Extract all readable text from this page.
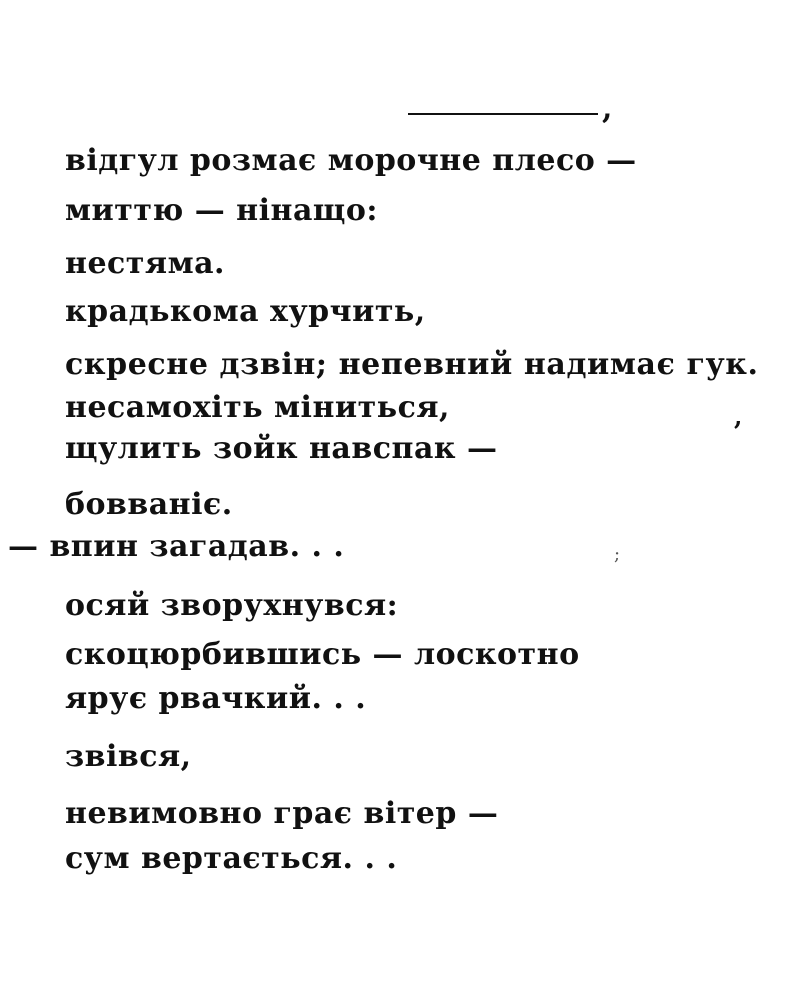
,
відгул розмає морочне плесо —
миттю — нінащо:
нестяма.
крадькома хурчить,
скресне дзвін; непевний надимає гук.
несамохіть міниться,	,
щулить зойк навспак —
бовваніє.
— впин загадав. . .	;
осяй зворухнувся:
скоцюрбившись — лоскотно
ярує рвачкий. . .
звівся,
невимовно грає вітер —
сум вертається. . .
